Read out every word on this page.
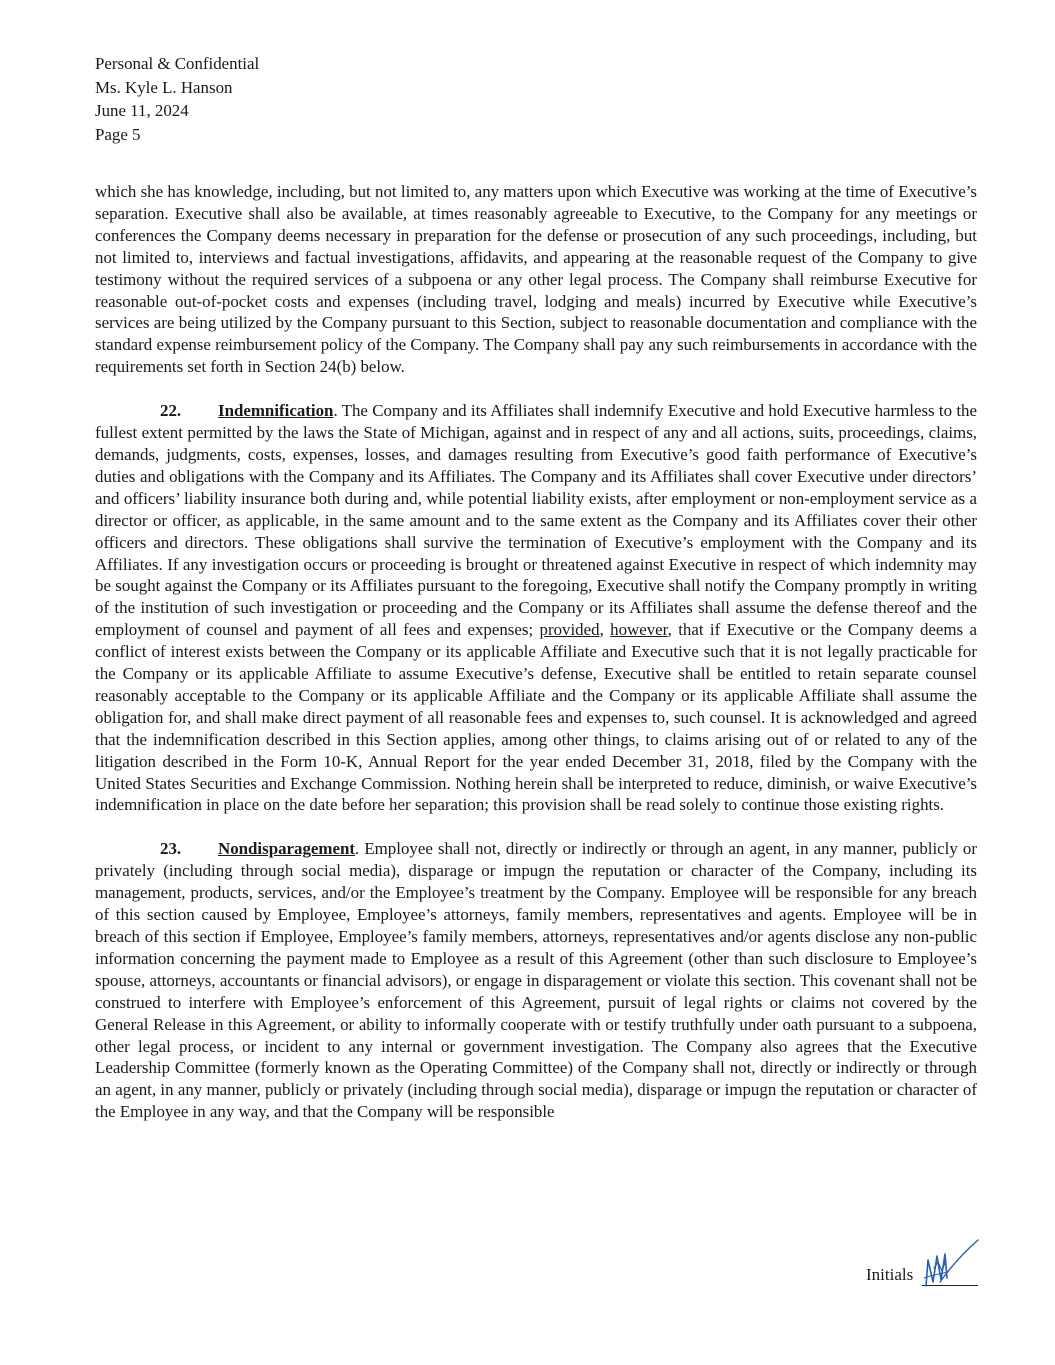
Personal & Confidential
Ms. Kyle L. Hanson
June 11, 2024
Page 5

which she has knowledge, including, but not limited to, any matters upon which Executive was working at the time of Executive’s separation. Executive shall also be available, at times reasonably agreeable to Executive, to the Company for any meetings or conferences the Company deems necessary in preparation for the defense or prosecution of any such proceedings, including, but not limited to, interviews and factual investigations, affidavits, and appearing at the reasonable request of the Company to give testimony without the required services of a subpoena or any other legal process. The Company shall reimburse Executive for reasonable out-of-pocket costs and expenses (including travel, lodging and meals) incurred by Executive while Executive’s services are being utilized by the Company pursuant to this Section, subject to reasonable documentation and compliance with the standard expense reimbursement policy of the Company. The Company shall pay any such reimbursements in accordance with the requirements set forth in Section 24(b) below.

22. Indemnification. The Company and its Affiliates shall indemnify Executive and hold Executive harmless to the fullest extent permitted by the laws the State of Michigan, against and in respect of any and all actions, suits, proceedings, claims, demands, judgments, costs, expenses, losses, and damages resulting from Executive’s good faith performance of Executive’s duties and obligations with the Company and its Affiliates. The Company and its Affiliates shall cover Executive under directors’ and officers’ liability insurance both during and, while potential liability exists, after employment or non-employment service as a director or officer, as applicable, in the same amount and to the same extent as the Company and its Affiliates cover their other officers and directors. These obligations shall survive the termination of Executive’s employment with the Company and its Affiliates. If any investigation occurs or proceeding is brought or threatened against Executive in respect of which indemnity may be sought against the Company or its Affiliates pursuant to the foregoing, Executive shall notify the Company promptly in writing of the institution of such investigation or proceeding and the Company or its Affiliates shall assume the defense thereof and the employment of counsel and payment of all fees and expenses; provided, however, that if Executive or the Company deems a conflict of interest exists between the Company or its applicable Affiliate and Executive such that it is not legally practicable for the Company or its applicable Affiliate to assume Executive’s defense, Executive shall be entitled to retain separate counsel reasonably acceptable to the Company or its applicable Affiliate and the Company or its applicable Affiliate shall assume the obligation for, and shall make direct payment of all reasonable fees and expenses to, such counsel. It is acknowledged and agreed that the indemnification described in this Section applies, among other things, to claims arising out of or related to any of the litigation described in the Form 10-K, Annual Report for the year ended December 31, 2018, filed by the Company with the United States Securities and Exchange Commission. Nothing herein shall be interpreted to reduce, diminish, or waive Executive’s indemnification in place on the date before her separation; this provision shall be read solely to continue those existing rights.

23. Nondisparagement. Employee shall not, directly or indirectly or through an agent, in any manner, publicly or privately (including through social media), disparage or impugn the reputation or character of the Company, including its management, products, services, and/or the Employee’s treatment by the Company. Employee will be responsible for any breach of this section caused by Employee, Employee’s attorneys, family members, representatives and agents. Employee will be in breach of this section if Employee, Employee’s family members, attorneys, representatives and/or agents disclose any non-public information concerning the payment made to Employee as a result of this Agreement (other than such disclosure to Employee’s spouse, attorneys, accountants or financial advisors), or engage in disparagement or violate this section. This covenant shall not be construed to interfere with Employee’s enforcement of this Agreement, pursuit of legal rights or claims not covered by the General Release in this Agreement, or ability to informally cooperate with or testify truthfully under oath pursuant to a subpoena, other legal process, or incident to any internal or government investigation. The Company also agrees that the Executive Leadership Committee (formerly known as the Operating Committee) of the Company shall not, directly or indirectly or through an agent, in any manner, publicly or privately (including through social media), disparage or impugn the reputation or character of the Employee in any way, and that the Company will be responsible

Initials
